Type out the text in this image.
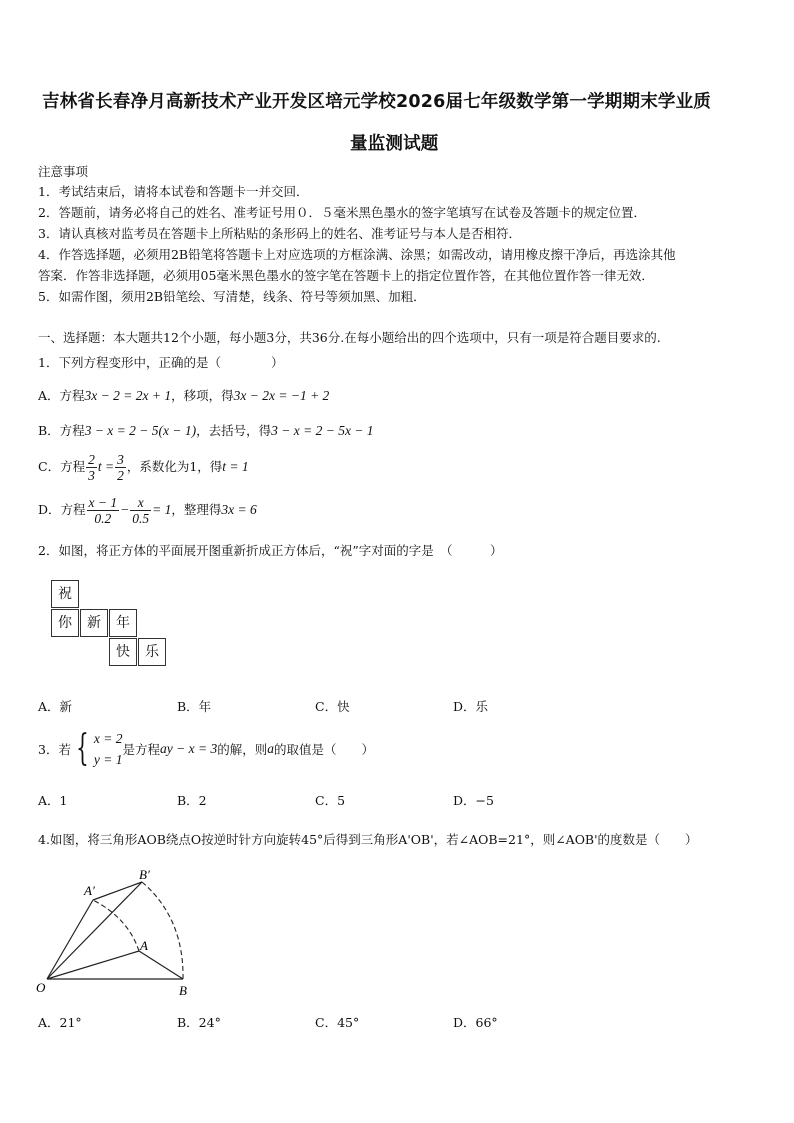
吉林省长春净月高新技术产业开发区培元学校2026届七年级数学第一学期期末学业质
量监测试题
注意事项
1．考试结束后，请将本试卷和答题卡一并交回．
2．答题前，请务必将自己的姓名、准考证号用０．５毫米黑色墨水的签字笔填写在试卷及答题卡的规定位置．
3．请认真核对监考员在答题卡上所粘贴的条形码上的姓名、准考证号与本人是否相符．
4．作答选择题，必须用2B铅笔将答题卡上对应选项的方框涂满、涂黑；如需改动，请用橡皮擦干净后，再选涂其他
答案．作答非选择题，必须用05毫米黑色墨水的签字笔在答题卡上的指定位置作答，在其他位置作答一律无效．
5．如需作图，须用2B铅笔绘、写清楚，线条、符号等须加黑、加粗．
一、选择题：本大题共12个小题，每小题3分，共36分.在每小题给出的四个选项中，只有一项是符合题目要求的.
1．下列方程变形中，正确的是（　　　　）
A．方程3x − 2 = 2x + 1，移项，得3x − 2x = −1 + 2
B．方程3 − x = 2 − 5(x − 1)，去括号，得3 − x = 2 − 5x − 1
C．方程 $\frac{2}{3}$ $t = \frac{3}{2}$ ，系数化为1，得t = 1
D．方程 $\frac{x - 1}{0.2} - \frac{x}{0.5} = 1$，整理得3x = 6
2．如图，将正方体的平面展开图重新折成正方体后，“祝”字对面的字是　（　　　）
祝
你	新	年
快	乐
A．新	B．年	C．快	D．乐
3．若 { x = 2
y = 1
是方程ay − x = 3的解，则a的取值是（　　）
A．1	B．2	C．5	D．−5
4.如图，将三角形AOB绕点O按逆时针方向旋转45°后得到三角形A'OB'，若∠AOB=21°，则∠AOB'的度数是（　　）
A′
B′
A
O	B
A．21°	B．24°	C．45°	D．66°
